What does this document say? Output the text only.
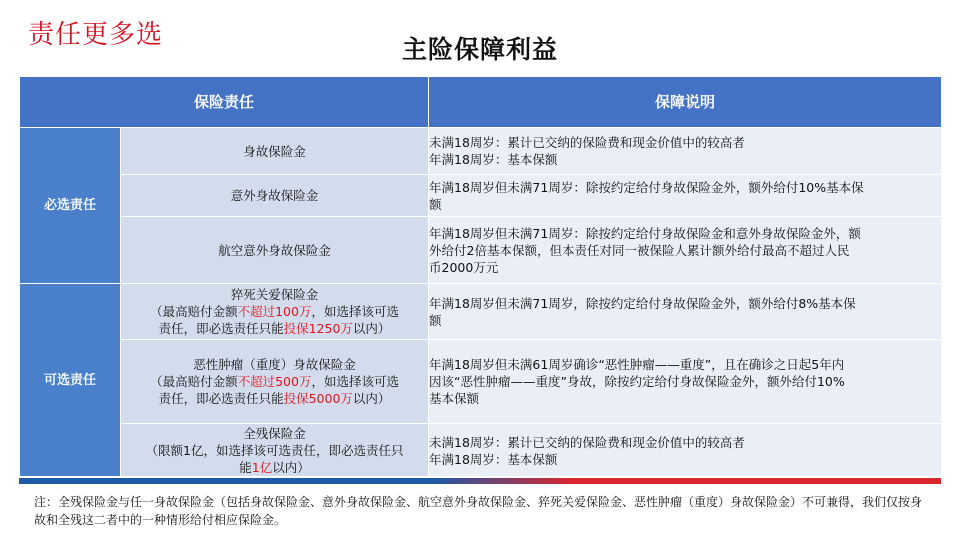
责任更多选	主险保障利益
保险责任		保障说明
必选责任	身故保险金	未满18周岁：累计已交纳的保险费和现金价值中的较高者
年满18周岁：基本保额

	意外身故保险金	年满18周岁但未满71周岁：除按约定给付身故保险金外，额外给付10%基本保
额

	航空意外身故保险金	年满18周岁但未满71周岁：除按约定给付身故保险金和意外身故保险金外，额
外给付2倍基本保额，但本责任对同一被保险人累计额外给付最高不超过人民
币2000万元

可选责任	猝死关爱保险金
（最高赔付金额不超过100万，如选择该可选
责任，即必选责任只能投保1250万以内）	年满18周岁但未满71周岁，除按约定给付身故保险金外，额外给付8%基本保
额

	恶性肿瘤（重度）身故保险金
（最高赔付金额不超过500万，如选择该可选
责任，即必选责任只能投保5000万以内）	年满18周岁但未满61周岁确诊“恶性肿瘤——重度”，且在确诊之日起5年内
因该“恶性肿瘤——重度”身故，除按约定给付身故保险金外，额外给付10%
基本保额

	全残保险金
（限额1亿，如选择该可选责任，即必选责任只
能1亿以内）	未满18周岁：累计已交纳的保险费和现金价值中的较高者
年满18周岁：基本保额
注：全残保险金与任一身故保险金（包括身故保险金、意外身故保险金、航空意外身故保险金、猝死关爱保险金、恶性肿瘤（重度）身故保险金）不可兼得，我们仅按身故和全残这二者中的一种情形给付相应保险金。
